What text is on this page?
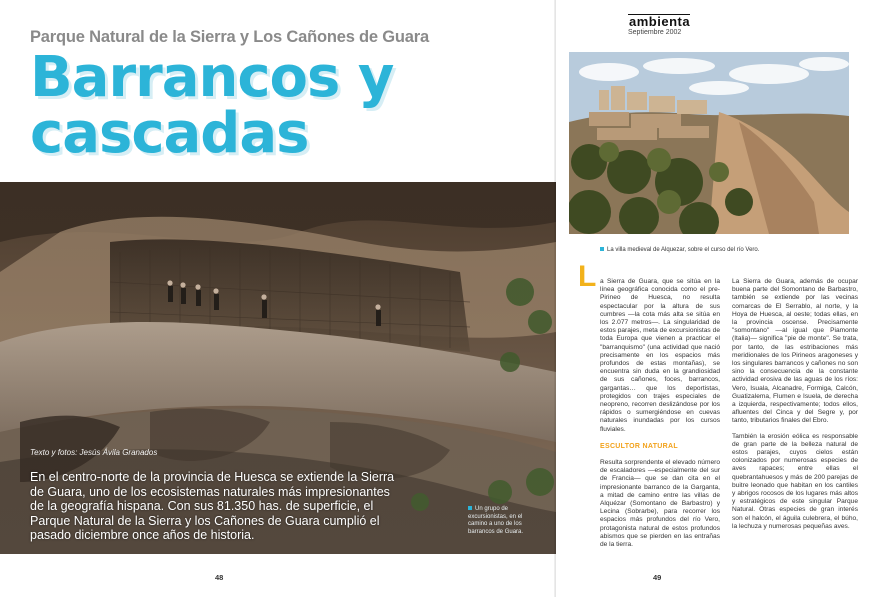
Parque Natural de la Sierra y Los Cañones de Guara
Barrancos y
cascadas
Texto y fotos: Jesús Ávila Granados
En el centro-norte de la provincia de Huesca se extiende la Sierra de Guara, uno de los ecosistemas naturales más impresionantes de la geografía hispana. Con sus 81.350 has. de superficie, el Parque Natural de la Sierra y los Cañones de Guara cumplió el pasado diciembre once años de historia.
Un grupo de excursionistas, en el camino a uno de los barrancos de Guara.
48
ambienta
Septiembre 2002
La villa medieval de Alquezar, sobre el curso del río Vero.
L a Sierra de Guara, que se sitúa en la línea geográfica conocida como el pre-Pirineo de Huesca, no resulta espectacular por la altura de sus cumbres —la cota más alta se sitúa en los 2.077 metros—. La singularidad de estos parajes, meta de excursionistas de toda Europa que vienen a practicar el "barranquismo" (una actividad que nació precisamente en los espacios más profundos de estas montañas), se encuentra sin duda en la grandiosidad de sus cañones, foces, barrancos, gargantas… que los deportistas, protegidos con trajes especiales de neopreno, recorren deslizándose por los rápidos o sumergiéndose en cuevas naturales inundadas por los cursos fluviales.

ESCULTOR NATURAL

Resulta sorprendente el elevado número de escaladores —especialmente del sur de Francia— que se dan cita en el impresionante barranco de la Garganta, a mitad de camino entre las villas de Alquézar (Somontano de Barbastro) y Lecina (Sobrarbe), para recorrer los espacios más profundos del río Vero, protagonista natural de estos profundos abismos que se pierden en las entrañas de la tierra.

La Sierra de Guara, además de ocupar buena parte del Somontano de Barbastro, también se extiende por las vecinas comarcas de El Serrablo, al norte, y la Hoya de Huesca, al oeste; todas ellas, en la provincia oscense. Precisamente "somontano" —al igual que Piamonte (Italia)— significa "pie de monte". Se trata, por tanto, de las estribaciones más meridionales de los Pirineos aragoneses y los singulares barrancos y cañones no son sino la consecuencia de la constante actividad erosiva de las aguas de los ríos: Vero, Isuala, Alcanadre, Formiga, Calcón, Guatizalema, Flumen e Isuela, de derecha a izquierda, respectivamente; todos ellos, afluentes del Cinca y del Segre y, por tanto, tributarios finales del Ebro.

También la erosión eólica es responsable de gran parte de la belleza natural de estos parajes, cuyos cielos están colonizados por numerosas especies de aves rapaces; entre ellas el quebrantahuesos y más de 200 parejas de buitre leonado que habitan en los cantiles y abrigos rocosos de los lugares más altos y estratégicos de este singular Parque Natural. Otras especies de gran interés son el halcón, el águila culebrera, el búho, la lechuza y numerosas pequeñas aves.

49
